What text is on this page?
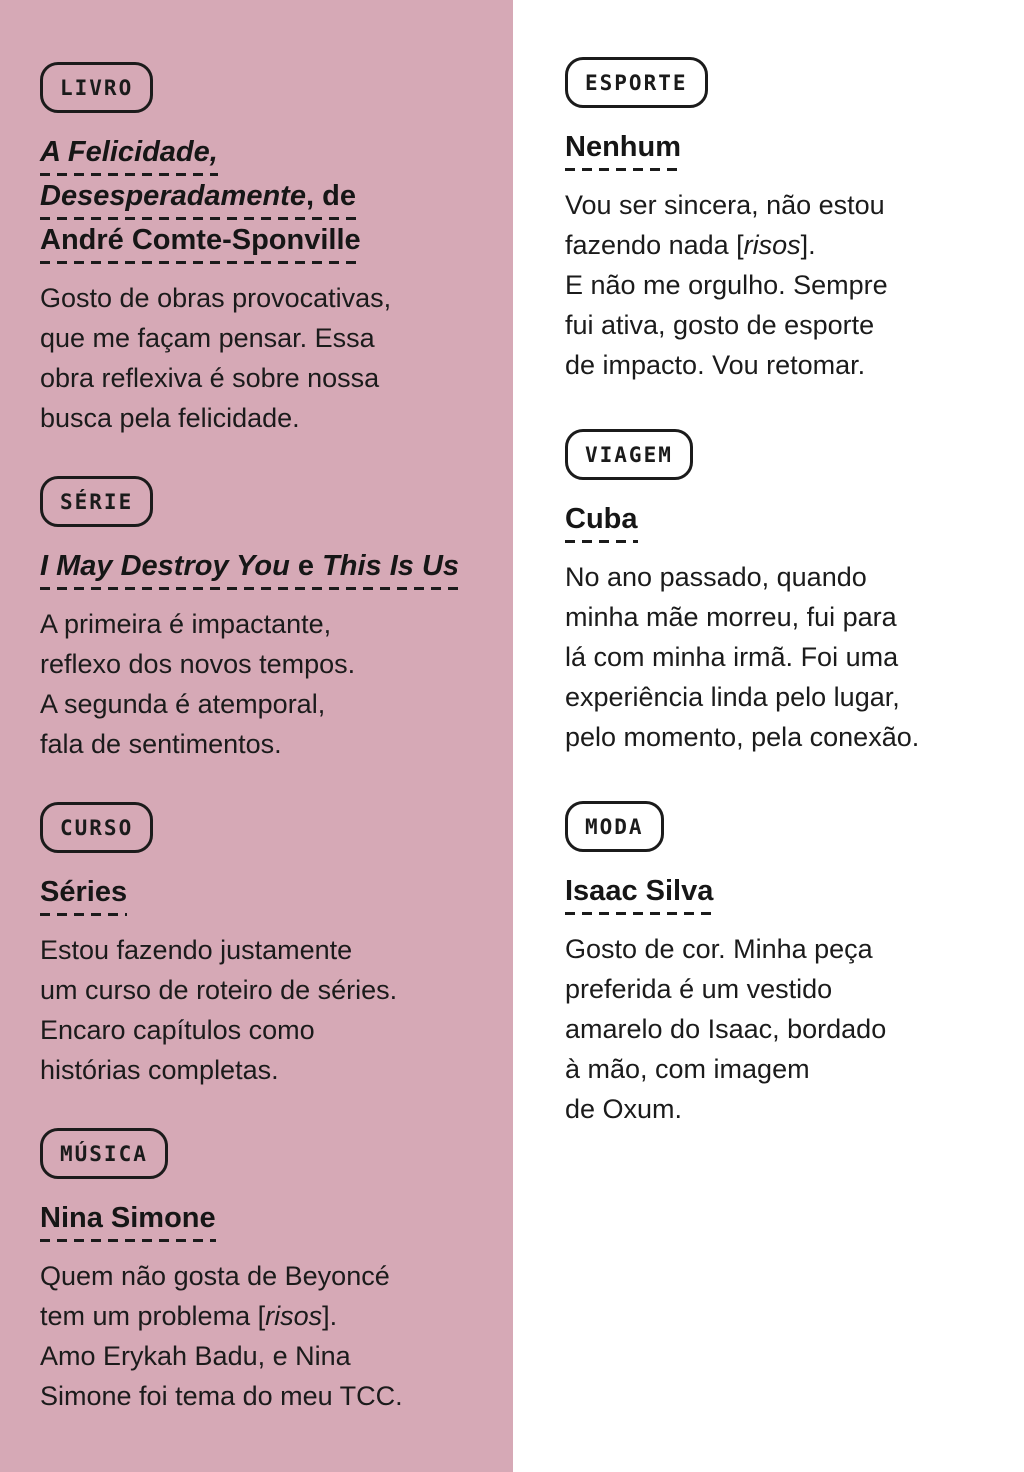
LIVRO
A Felicidade,
Desesperadamente, de
André Comte-Sponville
Gosto de obras provocativas,
que me façam pensar. Essa
obra reflexiva é sobre nossa
busca pela felicidade.
SÉRIE
I May Destroy You e This Is Us
A primeira é impactante,
reflexo dos novos tempos.
A segunda é atemporal,
fala de sentimentos.
CURSO
Séries
Estou fazendo justamente
um curso de roteiro de séries.
Encaro capítulos como
histórias completas.
MÚSICA
Nina Simone
Quem não gosta de Beyoncé
tem um problema [risos].
Amo Erykah Badu, e Nina
Simone foi tema do meu TCC.
ESPORTE
Nenhum
Vou ser sincera, não estou
fazendo nada [risos].
E não me orgulho. Sempre
fui ativa, gosto de esporte
de impacto. Vou retomar.
VIAGEM
Cuba
No ano passado, quando
minha mãe morreu, fui para
lá com minha irmã. Foi uma
experiência linda pelo lugar,
pelo momento, pela conexão.
MODA
Isaac Silva
Gosto de cor. Minha peça
preferida é um vestido
amarelo do Isaac, bordado
à mão, com imagem
de Oxum.
